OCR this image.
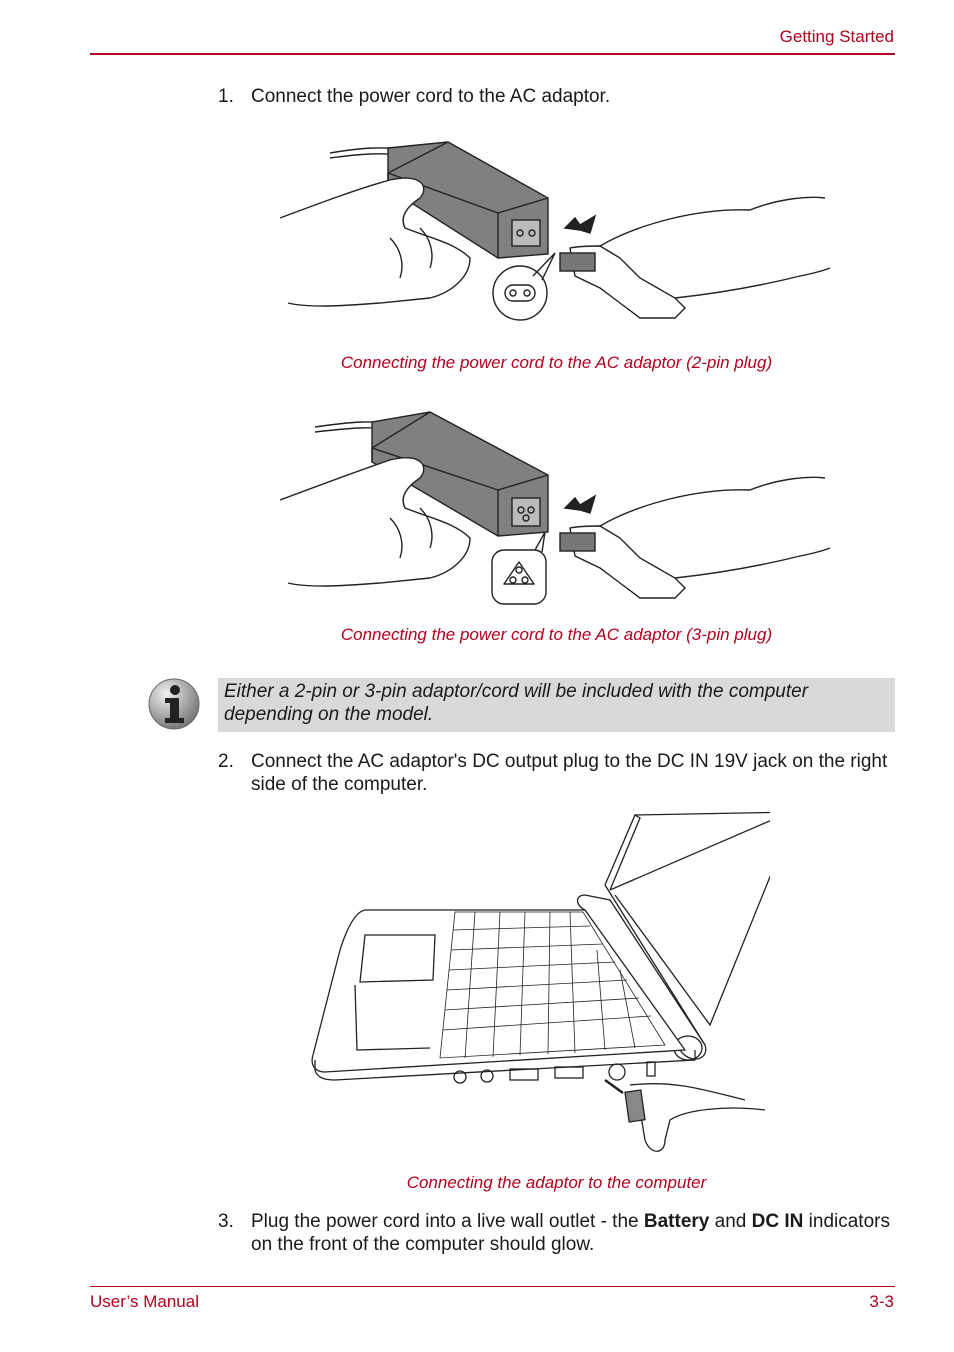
Getting Started
1. Connect the power cord to the AC adaptor.
Connecting the power cord to the AC adaptor (2-pin plug)
Connecting the power cord to the AC adaptor (3-pin plug)
Either a 2-pin or 3-pin adaptor/cord will be included with the computer depending on the model.
2. Connect the AC adaptor's DC output plug to the DC IN 19V jack on the right side of the computer.
Connecting the adaptor to the computer
3. Plug the power cord into a live wall outlet - the Battery and DC IN indicators on the front of the computer should glow.
User’s Manual	3-3
